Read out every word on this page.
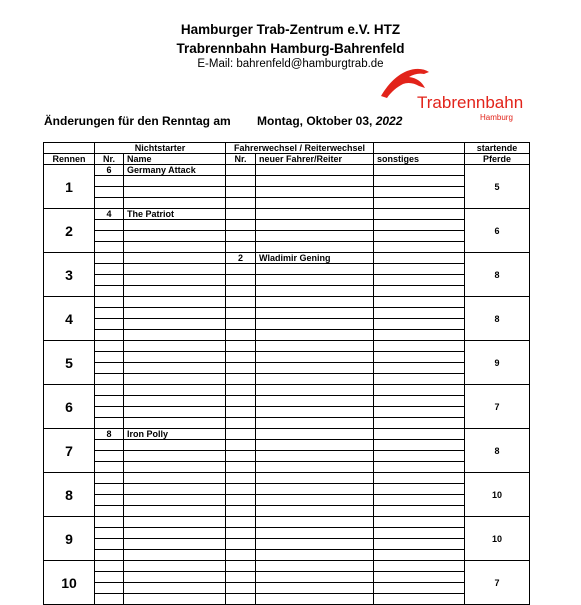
Hamburger Trab-Zentrum e.V. HTZ
Trabrennbahn Hamburg-Bahrenfeld
E-Mail: bahrenfeld@hamburgtrab.de
Trabrennbahn
Hamburg
Änderungen für den Renntag am Montag, Oktober 03, 2022
	Nichtstarter		Fahrerwechsel / Reiterwechsel			startende
Rennen	Nr.	Name	Nr.	neuer Fahrer/Reiter	sonstiges	Pferde
1	6	Germany Attack				5

2	4	The Patriot				6

3			2	Wladimir Gening		8

4						8

5						9

6						7

7	8	Iron Polly				8

8						10

9						10

10						7
